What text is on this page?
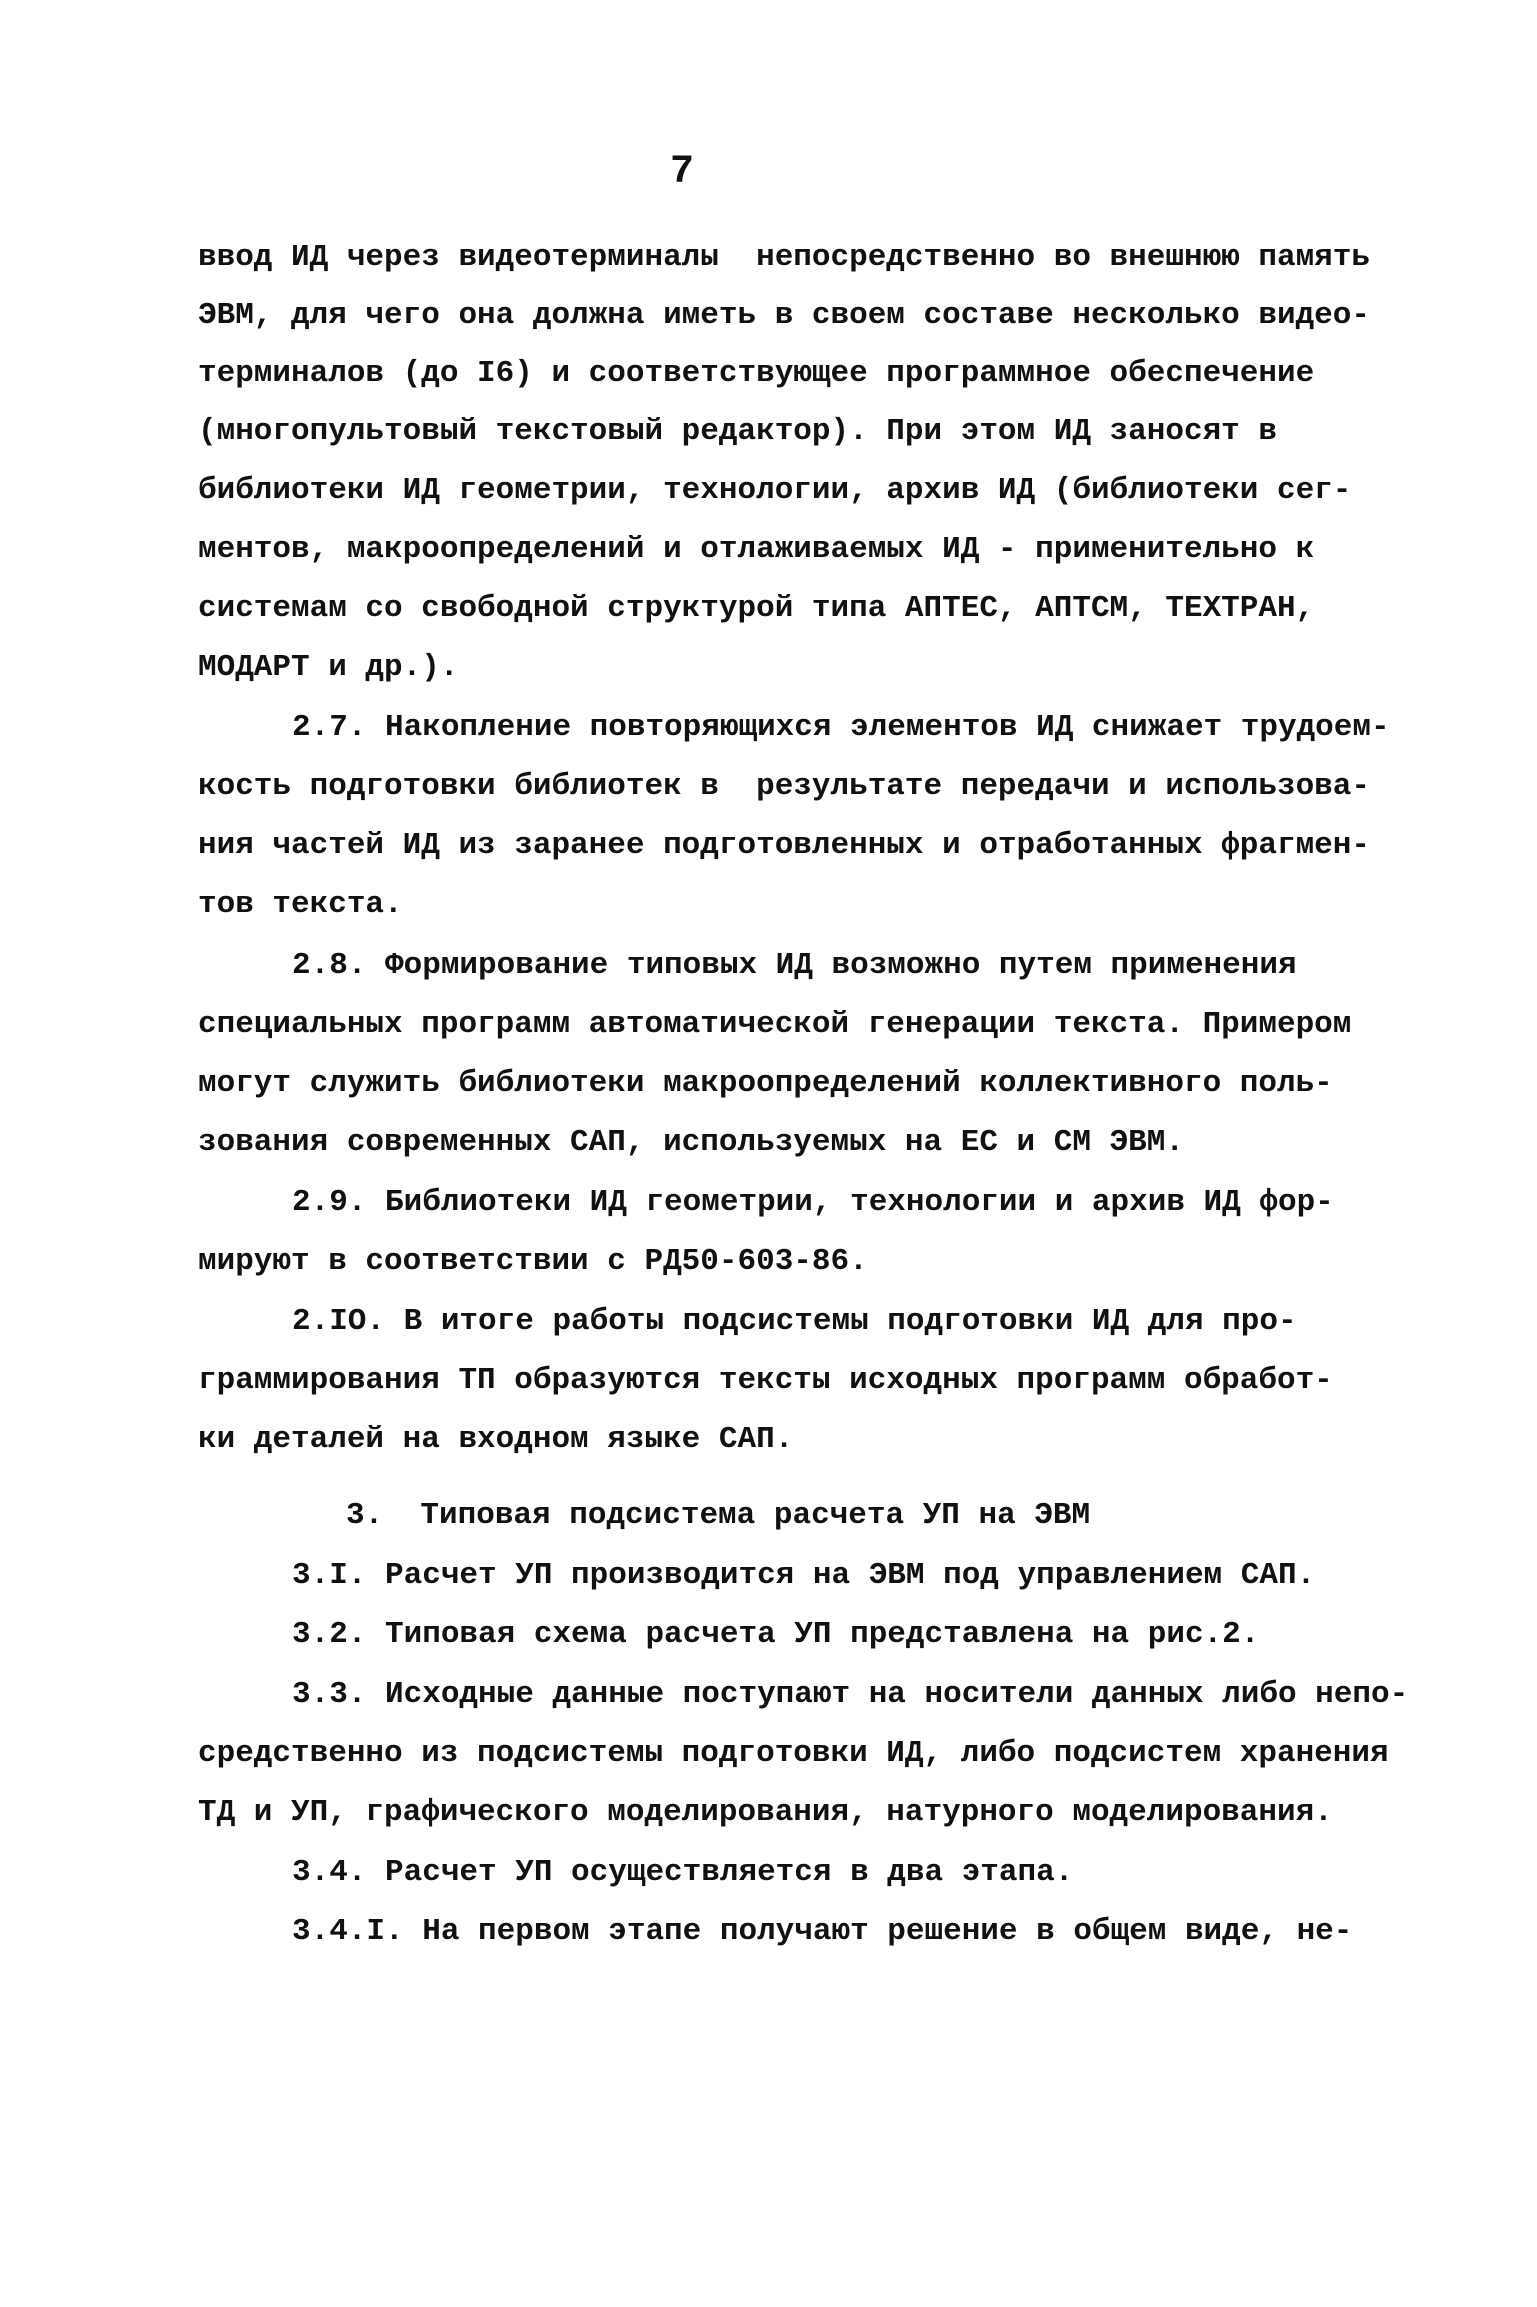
7
ввод ИД через видеотерминалы  непосредственно во внешнюю память
ЭВМ, для чего она должна иметь в своем составе несколько видео-
терминалов (до I6) и соответствующее программное обеспечение
(многопультовый текстовый редактор). При этом ИД заносят в
библиотеки ИД геометрии, технологии, архив ИД (библиотеки сег-
ментов, макроопределений и отлаживаемых ИД - применительно к
системам со свободной структурой типа АПТЕС, АПТСМ, ТЕХТРАН,
МОДАРТ и др.).
2.7. Накопление повторяющихся элементов ИД снижает трудоем-
кость подготовки библиотек в  результате передачи и использова-
ния частей ИД из заранее подготовленных и отработанных фрагмен-
тов текста.
2.8. Формирование типовых ИД возможно путем применения
специальных программ автоматической генерации текста. Примером
могут служить библиотеки макроопределений коллективного поль-
зования современных САП, используемых на ЕС и СМ ЭВМ.
2.9. Библиотеки ИД геометрии, технологии и архив ИД фор-
мируют в соответствии с РД50-603-86.
2.IO. В итоге работы подсистемы подготовки ИД для про-
граммирования ТП образуются тексты исходных программ обработ-
ки деталей на входном языке САП.
3.  Типовая подсистема расчета УП на ЭВМ
3.I. Расчет УП производится на ЭВМ под управлением САП.
3.2. Типовая схема расчета УП представлена на рис.2.
3.3. Исходные данные поступают на носители данных либо непо-
средственно из подсистемы подготовки ИД, либо подсистем хранения
ТД и УП, графического моделирования, натурного моделирования.
3.4. Расчет УП осуществляется в два этапа.
3.4.I. На первом этапе получают решение в общем виде, не-
